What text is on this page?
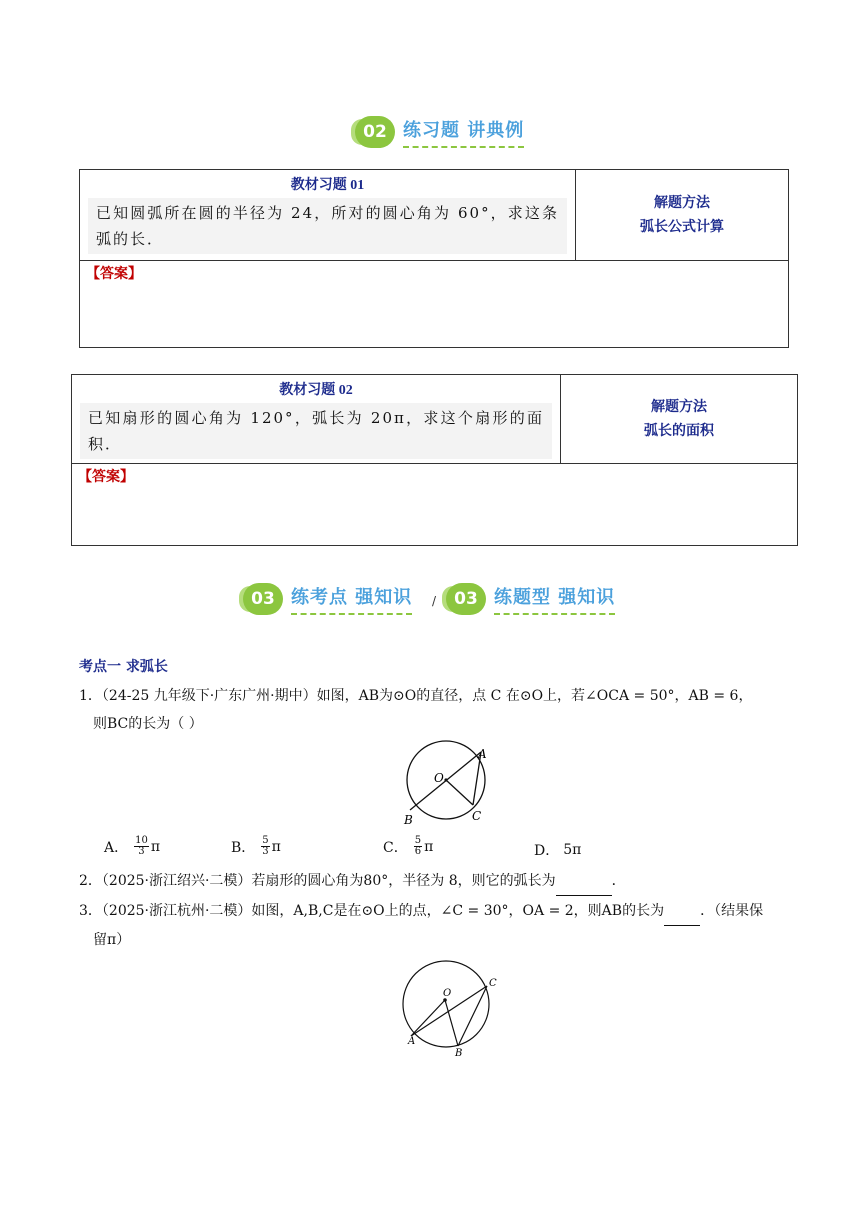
02 练习题 讲典例
教材习题 01
已知圆弧所在圆的半径为 24，所对的圆心角为 60°，求这条弧的长．
解题方法
弧长公式计算
【答案】
教材习题 02
已知扇形的圆心角为 120°，弧长为 20π，求这个扇形的面积．
解题方法
弧长的面积
【答案】
03 练考点 强知识 /	03 练题型 强知识
考点一 求弧长
1．（24-25 九年级下·广东广州·期中）如图，AB为⊙O的直径，点 C 在⊙O上，若∠OCA = 50°，AB = 6，
则BC的长为（ ）
A
O
B	C
A． $\frac{10}{3}$ π	B． $\frac{5}{3}$ π	C． $\frac{5}{6}$ π	D． 5π
2．（2025·浙江绍兴·二模）若扇形的圆心角为80°，半径为 8，则它的弧长为	．
3．（2025·浙江杭州·二模）如图，A,B,C是在⊙O上的点，∠C = 30°，OA = 2，则AB的长为	．（结果保
留π）
O
C
A
B
